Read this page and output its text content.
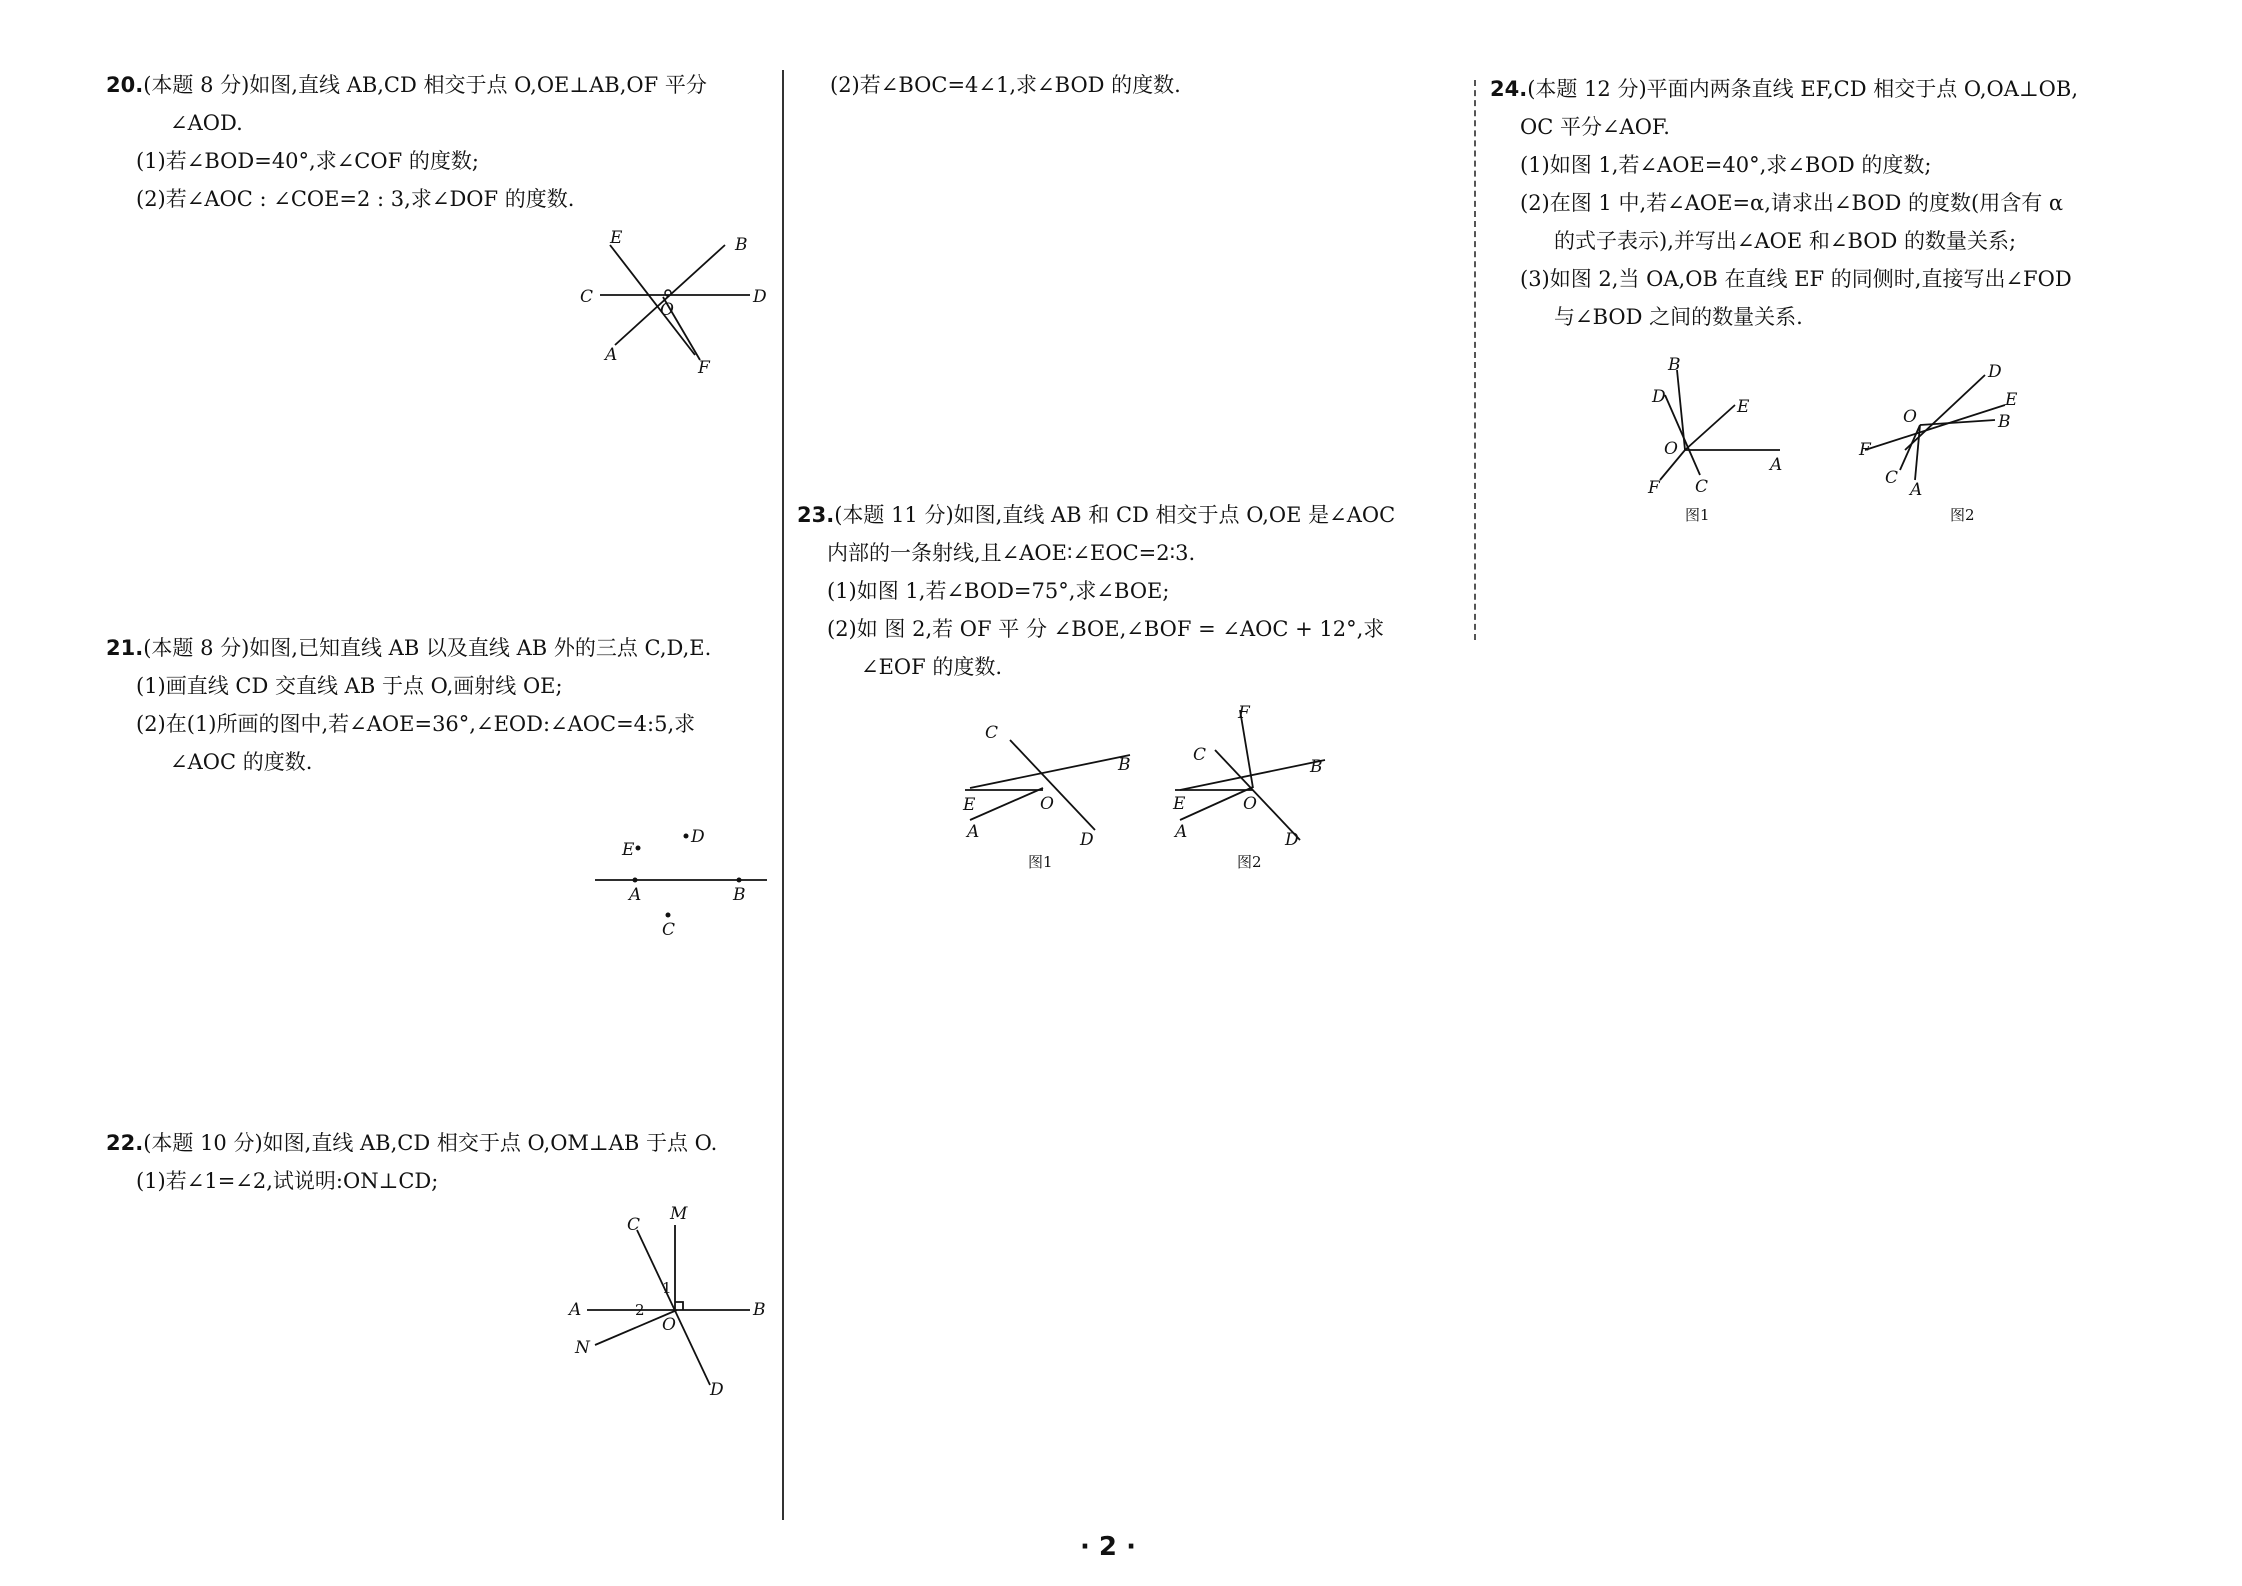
20.(本题 8 分)如图,直线 AB,CD 相交于点 O,OE⊥AB,OF 平分

∠AOD.

(1)若∠BOD=40°,求∠COF 的度数;

(2)若∠AOC : ∠COE=2 : 3,求∠DOF 的度数.

E	B
C
O
D
A
F

21.(本题 8 分)如图,已知直线 AB 以及直线 AB 外的三点 C,D,E.

(1)画直线 CD 交直线 AB 于点 O,画射线 OE;

(2)在(1)所画的图中,若∠AOE=36°,∠EOD:∠AOC=4:5,求

∠AOC 的度数.

E
D
A	B
C

22.(本题 10 分)如图,直线 AB,CD 相交于点 O,OM⊥AB 于点 O.

(1)若∠1=∠2,试说明:ON⊥CD;

C
M
1
2
A	B
O
N
D

(2)若∠BOC=4∠1,求∠BOD 的度数.

23.(本题 11 分)如图,直线 AB 和 CD 相交于点 O,OE 是∠AOC

内部的一条射线,且∠AOE∶∠EOC=2∶3.

(1)如图 1,若∠BOD=75°,求∠BOE;

(2)如 图 2,若 OF 平 分 ∠BOE,∠BOF = ∠AOC + 12°,求

∠EOF 的度数.

C
B
E	O
A	D
图1
F
C
B
E	O
A	D
图2

24.(本题 12 分)平面内两条直线 EF,CD 相交于点 O,OA⊥OB,

OC 平分∠AOF.

(1)如图 1,若∠AOE=40°,求∠BOD 的度数;

(2)在图 1 中,若∠AOE=α,请求出∠BOD 的度数(用含有 α

的式子表示),并写出∠AOE 和∠BOD 的数量关系;

(3)如图 2,当 OA,OB 在直线 EF 的同侧时,直接写出∠FOD

与∠BOD 之间的数量关系.

B
D	E
O
A
F C
图1
D
E
O	B
F
C
A
图2
· 2 ·
